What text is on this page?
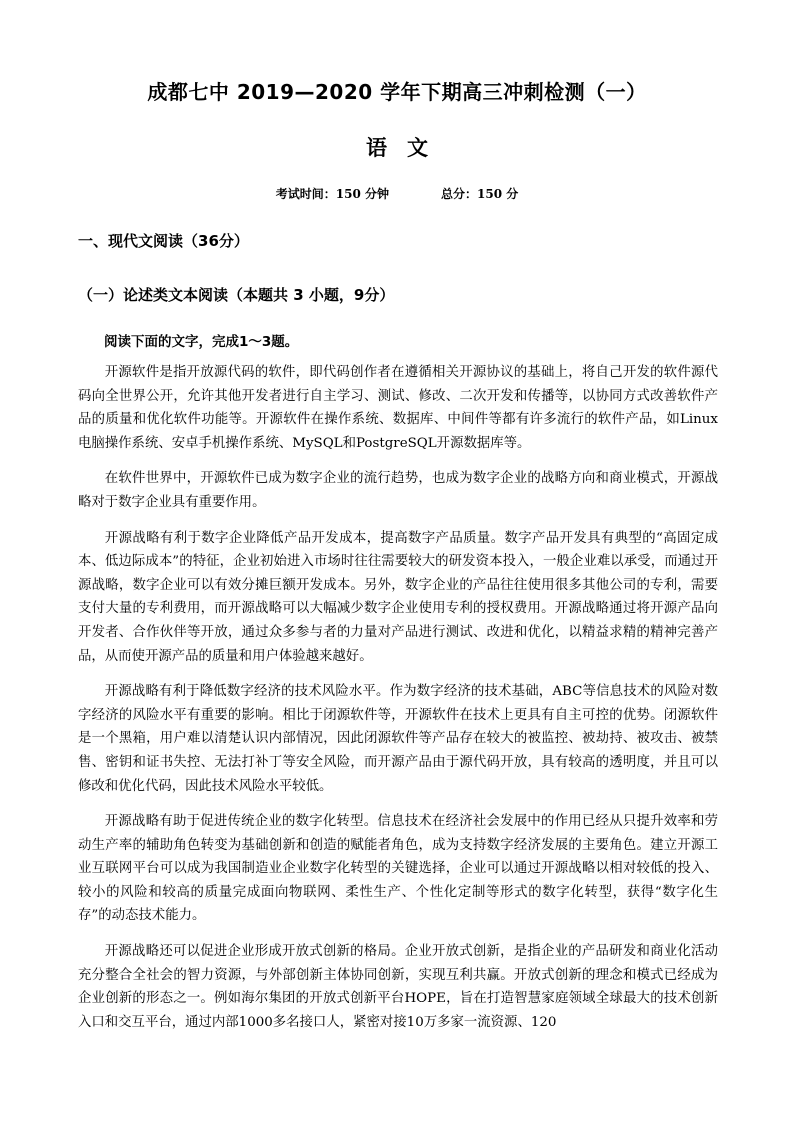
成都七中 2019—2020 学年下期高三冲刺检测（一）
语文
考试时间：150 分钟	总分：150 分
一、现代文阅读（36分）
（一）论述类文本阅读（本题共 3 小题，9分）

阅读下面的文字，完成1～3题。

开源软件是指开放源代码的软件，即代码创作者在遵循相关开源协议的基础上，将自己开发的软件源代码向全世界公开，允许其他开发者进行自主学习、测试、修改、二次开发和传播等，以协同方式改善软件产品的质量和优化软件功能等。开源软件在操作系统、数据库、中间件等都有许多流行的软件产品，如Linux电脑操作系统、安卓手机操作系统、MySQL和PostgreSQL开源数据库等。

在软件世界中，开源软件已成为数字企业的流行趋势，也成为数字企业的战略方向和商业模式，开源战略对于数字企业具有重要作用。

开源战略有利于数字企业降低产品开发成本，提高数字产品质量。数字产品开发具有典型的“高固定成本、低边际成本”的特征，企业初始进入市场时往往需要较大的研发资本投入，一般企业难以承受，而通过开源战略，数字企业可以有效分摊巨额开发成本。另外，数字企业的产品往往使用很多其他公司的专利，需要支付大量的专利费用，而开源战略可以大幅减少数字企业使用专利的授权费用。开源战略通过将开源产品向开发者、合作伙伴等开放，通过众多参与者的力量对产品进行测试、改进和优化，以精益求精的精神完善产品，从而使开源产品的质量和用户体验越来越好。

开源战略有利于降低数字经济的技术风险水平。作为数字经济的技术基础，ABC等信息技术的风险对数字经济的风险水平有重要的影响。相比于闭源软件等，开源软件在技术上更具有自主可控的优势。闭源软件是一个黑箱，用户难以清楚认识内部情况，因此闭源软件等产品存在较大的被监控、被劫持、被攻击、被禁售、密钥和证书失控、无法打补丁等安全风险，而开源产品由于源代码开放，具有较高的透明度，并且可以修改和优化代码，因此技术风险水平较低。

开源战略有助于促进传统企业的数字化转型。信息技术在经济社会发展中的作用已经从只提升效率和劳动生产率的辅助角色转变为基础创新和创造的赋能者角色，成为支持数字经济发展的主要角色。建立开源工业互联网平台可以成为我国制造业企业数字化转型的关键选择，企业可以通过开源战略以相对较低的投入、较小的风险和较高的质量完成面向物联网、柔性生产、个性化定制等形式的数字化转型，获得“数字化生存”的动态技术能力。

开源战略还可以促进企业形成开放式创新的格局。企业开放式创新，是指企业的产品研发和商业化活动充分整合全社会的智力资源，与外部创新主体协同创新，实现互利共赢。开放式创新的理念和模式已经成为企业创新的形态之一。例如海尔集团的开放式创新平台HOPE，旨在打造智慧家庭领域全球最大的技术创新入口和交互平台，通过内部1000多名接口人，紧密对接10万多家一流资源、120
